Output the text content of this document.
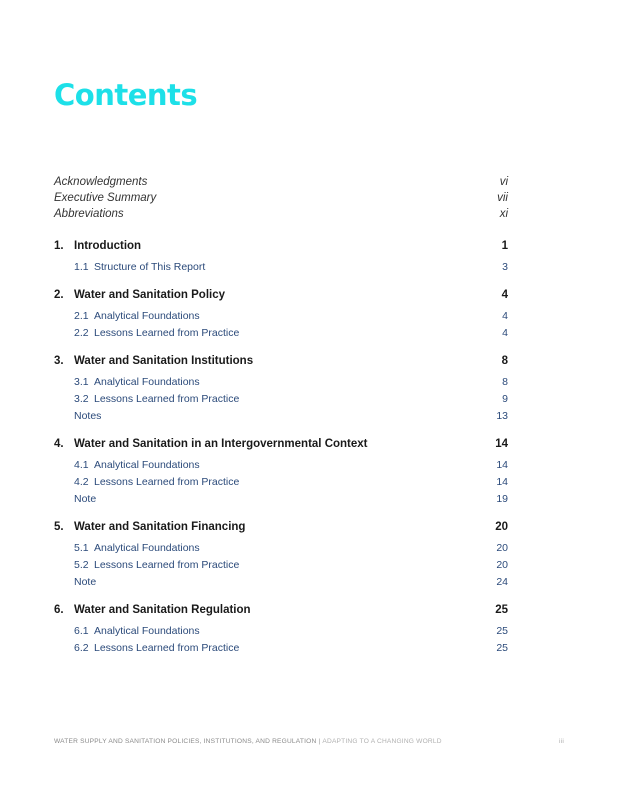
Contents
Acknowledgments	vi
Executive Summary	vii
Abbreviations	xi
1. Introduction	1
1.1 Structure of This Report	3
2. Water and Sanitation Policy	4
2.1 Analytical Foundations	4
2.2 Lessons Learned from Practice	4
3. Water and Sanitation Institutions	8
3.1 Analytical Foundations	8
3.2 Lessons Learned from Practice	9
Notes	13
4. Water and Sanitation in an Intergovernmental Context	14
4.1 Analytical Foundations	14
4.2 Lessons Learned from Practice	14
Note	19
5. Water and Sanitation Financing	20
5.1 Analytical Foundations	20
5.2 Lessons Learned from Practice	20
Note	24
6. Water and Sanitation Regulation	25
6.1 Analytical Foundations	25
6.2 Lessons Learned from Practice	25
WATER SUPPLY AND SANITATION POLICIES, INSTITUTIONS, AND REGULATION | ADAPTING TO A CHANGING WORLD	iii
